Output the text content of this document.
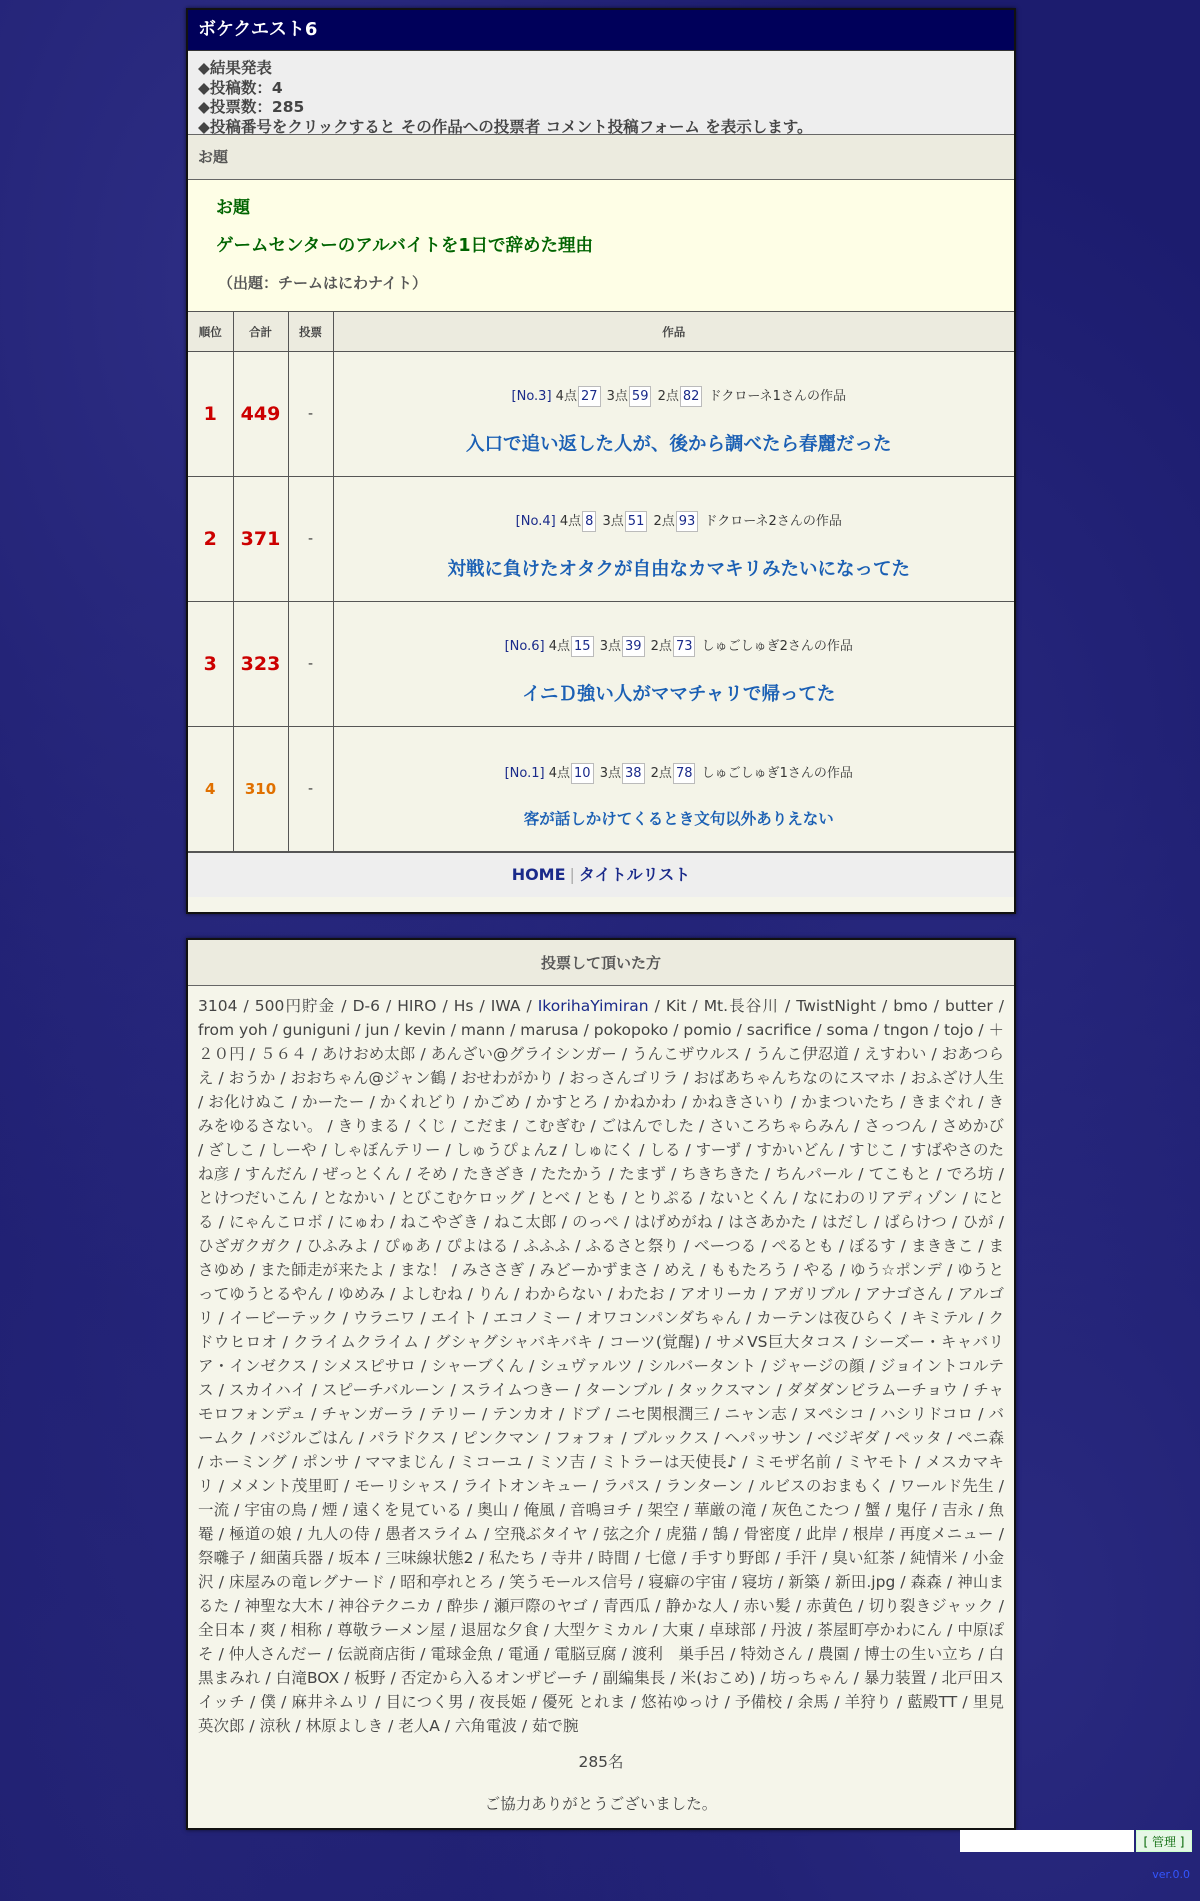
ボケクエスト6
◆結果発表
◆投稿数：4
◆投票数：285
◆投稿番号をクリックすると その作品への投票者 コメント投稿フォーム を表示します。
お題
お題
ゲームセンターのアルバイトを1日で辞めた理由
（出題：チームはにわナイト）
順位	合計	投票	作品
1	449	-	[No.3] 4点 27 3点 59 2点 82 ドクローネ1さんの作品
入口で追い返した人が、後から調べたら春麗だった

2	371	-	[No.4] 4点 8 3点 51 2点 93 ドクローネ2さんの作品
対戦に負けたオタクが自由なカマキリみたいになってた

3	323	-	[No.6] 4点 15 3点 39 2点 73 しゅごしゅぎ2さんの作品
イニＤ強い人がママチャリで帰ってた

4	310	-	[No.1] 4点 10 3点 38 2点 78 しゅごしゅぎ1さんの作品
客が話しかけてくるとき文句以外ありえない
HOME | タイトルリスト
投票して頂いた方
3104 / 500円貯金 / D-6 / HIRO / Hs / IWA / IkorihaYimiran / Kit / Mt.長谷川 / TwistNight / bmo / butter / from yoh / guniguni / jun / kevin / mann / marusa / pokopoko / pomio / sacrifice / soma / tngon / tojo / ＋２０円 / ５６４ / あけおめ太郎 / あんざい@グライシンガー / うんこザウルス / うんこ伊忍道 / えすわい / おあつらえ / おうか / おおちゃん@ジャン鶴 / おせわがかり / おっさんゴリラ / おばあちゃんちなのにスマホ / おふざけ人生 / お化けぬこ / かーたー / かくれどり / かごめ / かすとろ / かねかわ / かねきさいり / かまついたち / きまぐれ / きみをゆるさない。 / きりまる / くじ / こだま / こむぎむ / ごはんでした / さいころちゃらみん / さっつん / さめかび / ざしこ / しーや / しゃぼんテリー / しゅうぴょんz / しゅにく / しる / すーず / すかいどん / すじこ / すばやさのたね彦 / すんだん / ぜっとくん / そめ / たきざき / たたかう / たまず / ちきちきた / ちんパール / てこもと / でろ坊 / とけつだいこん / となかい / とびこむケロッグ / とべ / とも / とりぷる / ないとくん / なにわのリアディゾン / にとる / にゃんこロボ / にゅわ / ねこやざき / ねこ太郎 / のっぺ / はげめがね / はさあかた / はだし / ばらけつ / ひが / ひざガクガク / ひふみよ / ぴゅあ / ぴよはる / ふふふ / ふるさと祭り / べーつる / ぺるとも / ぼるす / まききこ / まさゆめ / また師走が来たよ / まな！ / みささぎ / みどーかずまさ / めえ / ももたろう / やる / ゆう☆ポンデ / ゆうとってゆうとるやん / ゆめみ / よしむね / りん / わからない / わたお / アオリーカ / アガリブル / アナゴさん / アルゴリ / イービーテック / ウラニワ / エイト / エコノミー / オワコンパンダちゃん / カーテンは夜ひらく / キミテル / クドウヒロオ / クライムクライム / グシャグシャバキバキ / コーツ(覚醒) / サメVS巨大タコス / シーズー・キャバリア・インゼクス / シメスピサロ / シャーブくん / シュヴァルツ / シルバータント / ジャージの顔 / ジョイントコルテス / スカイハイ / スピーチバルーン / スライムつきー / ターンブル / タックスマン / ダダダンビラムーチョウ / チャモロフォンデュ / チャンガーラ / テリー / テンカオ / ドブ / ニセ関根潤三 / ニャン志 / ヌペシコ / ハシリドコロ / バームク / バジルごはん / パラドクス / ピンクマン / フォフォ / ブルックス / ヘパッサン / べジギダ / ペッタ / ペニ森 / ホーミング / ポンサ / ママまじん / ミコーユ / ミソ吉 / ミトラーは天使長♪ / ミモザ名前 / ミヤモト / メスカマキリ / メメント茂里町 / モーリシャス / ライトオンキュー / ラパス / ランターン / ルビスのおまもく / ワールド先生 / 一流 / 宇宙の鳥 / 煙 / 遠くを見ている / 奥山 / 俺風 / 音鳴ヨチ / 架空 / 華厳の滝 / 灰色こたつ / 蟹 / 鬼仔 / 吉永 / 魚罨 / 極道の娘 / 九人の侍 / 愚者スライム / 空飛ぶタイヤ / 弦之介 / 虎猫 / 鵠 / 骨密度 / 此岸 / 根岸 / 再度メニュー / 祭囃子 / 細菌兵器 / 坂本 / 三味線状態2 / 私たち / 寺井 / 時間 / 七億 / 手すり野郎 / 手汗 / 臭い紅茶 / 純情米 / 小金沢 / 床屋みの竜レグナード / 昭和亭れとろ / 笑うモールス信号 / 寝癖の宇宙 / 寝坊 / 新築 / 新田.jpg / 森森 / 神山まるた / 神聖な大木 / 神谷テクニカ / 酔歩 / 瀬戸際のヤゴ / 青西瓜 / 静かな人 / 赤い髪 / 赤黄色 / 切り裂きジャック / 全日本 / 爽 / 相称 / 尊敬ラーメン屋 / 退屈な夕食 / 大型ケミカル / 大東 / 卓球部 / 丹波 / 茶屋町亭かわにん / 中原ぽそ / 仲人さんだー / 伝説商店街 / 電球金魚 / 電通 / 電脳豆腐 / 渡利　巣手呂 / 特効さん / 農園 / 博士の生い立ち / 白黒まみれ / 白滝BOX / 板野 / 否定から入るオンザビーチ / 副編集長 / 米(おこめ) / 坊っちゃん / 暴力装置 / 北戸田スイッチ / 僕 / 麻井ネムリ / 目につく男 / 夜長姫 / 優死 とれま / 悠祐ゆっけ / 予備校 / 余馬 / 羊狩り / 藍殿TT / 里見英次郎 / 涼秋 / 林原よしき / 老人A / 六角電波 / 茹で腕
285名
ご協力ありがとうございました。
[ 管理 ]
ver.0.0
